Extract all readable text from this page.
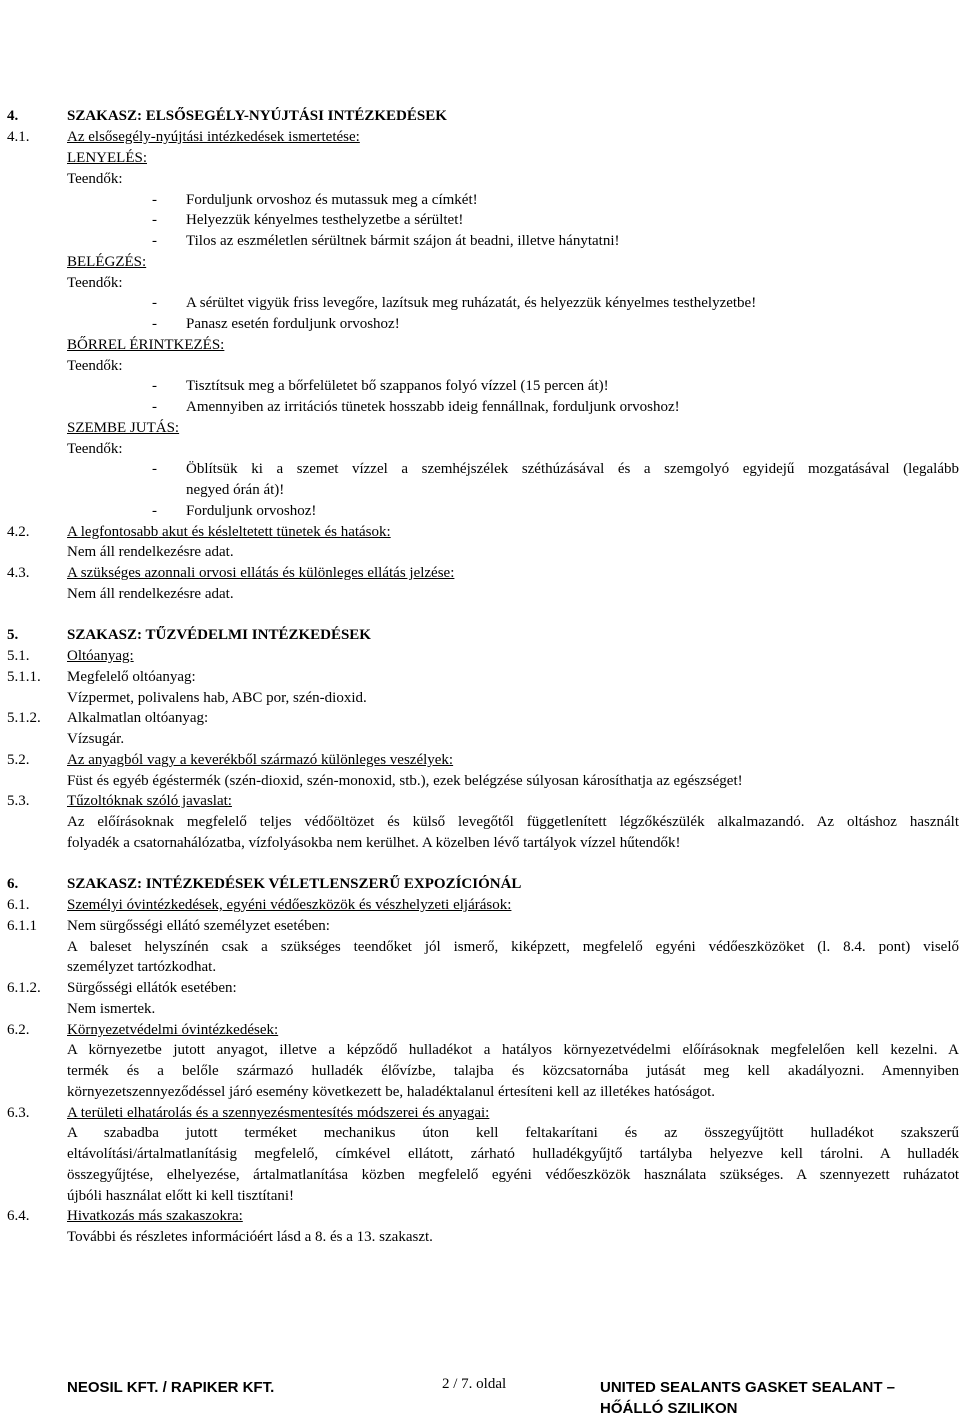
Elkészítés időpontja: 2009. január 15.
Felülvizsgálat időpontja: 2013. február 26.
Verziószám: 2
http://www.biztonsagiadatlap.hu
4.	SZAKASZ: ELSŐSEGÉLY-NYÚJTÁSI INTÉZKEDÉSEK
4.1.	Az elsősegély-nyújtási intézkedések ismertetése:
LENYELÉS:
Teendők:
- Forduljunk orvoshoz és mutassuk meg a címkét!
- Helyezzük kényelmes testhelyzetbe a sérültet!
- Tilos az eszméletlen sérültnek bármit szájon át beadni, illetve hánytatni!
BELÉGZÉS:
Teendők:
- A sérültet vigyük friss levegőre, lazítsuk meg ruházatát, és helyezzük kényelmes testhelyzetbe!
- Panasz esetén forduljunk orvoshoz!
BŐRREL ÉRINTKEZÉS:
Teendők:
- Tisztítsuk meg a bőrfelületet bő szappanos folyó vízzel (15 percen át)!
- Amennyiben az irritációs tünetek hosszabb ideig fennállnak, forduljunk orvoshoz!
SZEMBE JUTÁS:
Teendők:
- Öblítsük ki a szemet vízzel a szemhéjszélek széthúzásával és a szemgolyó egyidejű mozgatásával (legalább
negyed órán át)!
- Forduljunk orvoshoz!
4.2.	A legfontosabb akut és késleltetett tünetek és hatások:
Nem áll rendelkezésre adat.
4.3.	A szükséges azonnali orvosi ellátás és különleges ellátás jelzése:
Nem áll rendelkezésre adat.
5.	SZAKASZ: TŰZVÉDELMI INTÉZKEDÉSEK
5.1.	Oltóanyag:
5.1.1. Megfelelő oltóanyag:
Vízpermet, polivalens hab, ABC por, szén-dioxid.
5.1.2. Alkalmatlan oltóanyag:
Vízsugár.
5.2.	Az anyagból vagy a keverékből származó különleges veszélyek:
Füst és egyéb égéstermék (szén-dioxid, szén-monoxid, stb.), ezek belégzése súlyosan károsíthatja az egészséget!
5.3.	Tűzoltóknak szóló javaslat:
Az előírásoknak megfelelő teljes védőöltözet és külső levegőtől függetlenített légzőkészülék alkalmazandó. Az oltáshoz használt
folyadék a csatornahálózatba, vízfolyásokba nem kerülhet. A közelben lévő tartályok vízzel hűtendők!
6.	SZAKASZ: INTÉZKEDÉSEK VÉLETLENSZERŰ EXPOZÍCIÓNÁL
6.1.	Személyi óvintézkedések, egyéni védőeszközök és vészhelyzeti eljárások:
6.1.1 Nem sürgősségi ellátó személyzet esetében:
A baleset helyszínén csak a szükséges teendőket jól ismerő, kiképzett, megfelelő egyéni védőeszközöket (l. 8.4. pont) viselő
személyzet tartózkodhat.
6.1.2. Sürgősségi ellátók esetében:
Nem ismertek.
6.2.	Környezetvédelmi óvintézkedések:
A környezetbe jutott anyagot, illetve a képződő hulladékot a hatályos környezetvédelmi előírásoknak megfelelően kell kezelni. A
termék és a belőle származó hulladék élővízbe, talajba és közcsatornába jutását meg kell akadályozni. Amennyiben
környezetszennyeződéssel járó esemény következett be, haladéktalanul értesíteni kell az illetékes hatóságot.
6.3.	A területi elhatárolás és a szennyezésmentesítés módszerei és anyagai:
A szabadba jutott terméket mechanikus úton kell feltakarítani és az összegyűjtött hulladékot szakszerű
eltávolítási/ártalmatlanításig megfelelő, címkével ellátott, zárható hulladékgyűjtő tartályba helyezve kell tárolni. A hulladék
összegyűjtése, elhelyezése, ártalmatlanítása közben megfelelő egyéni védőeszközök használata szükséges. A szennyezett ruházatot
újbóli használat előtt ki kell tisztítani!
6.4.	Hivatkozás más szakaszokra:
További és részletes információért lásd a 8. és a 13. szakaszt.
NEOSIL KFT. / RAPIKER KFT.	2 / 7. oldal	UNITED SEALANTS GASKET SEALANT –
HŐÁLLÓ SZILIKON
